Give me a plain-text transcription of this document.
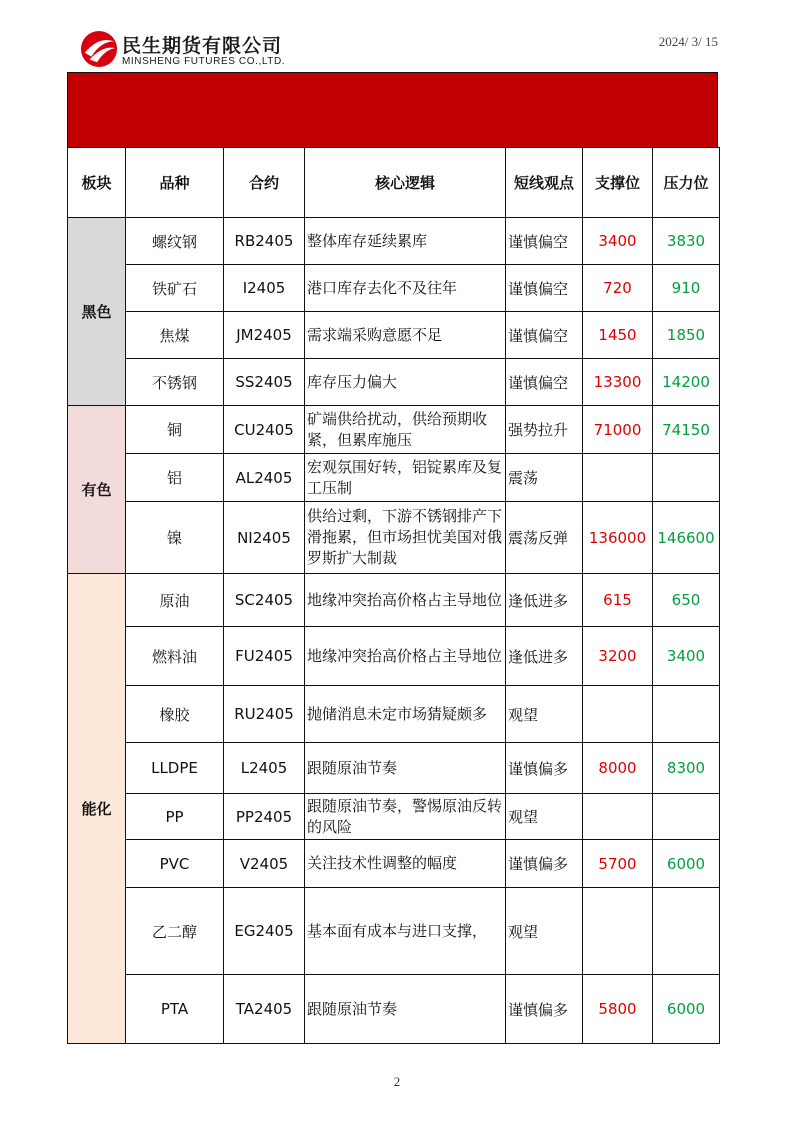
民生期货有限公司
MINSHENG FUTURES CO.,LTD.
2024/ 3/ 15
板块	品种	合约	核心逻辑	短线观点	支撑位	压力位
黑色	螺纹钢	RB2405	整体库存延续累库	谨慎偏空	3400	3830
	铁矿石	I2405	港口库存去化不及往年	谨慎偏空	720	910
	焦煤	JM2405	需求端采购意愿不足	谨慎偏空	1450	1850
	不锈钢	SS2405	库存压力偏大	谨慎偏空	13300	14200
有色	铜	CU2405	矿端供给扰动，供给预期收紧，但累库施压	强势拉升	71000	74150
	铝	AL2405	宏观氛围好转，铝锭累库及复工压制	震荡		
	镍	NI2405	供给过剩，下游不锈钢排产下滑拖累，但市场担忧美国对俄罗斯扩大制裁	震荡反弹	136000	146600
能化	原油	SC2405	地缘冲突抬高价格占主导地位	逢低进多	615	650
	燃料油	FU2405	地缘冲突抬高价格占主导地位	逢低进多	3200	3400
	橡胶	RU2405	抛储消息未定市场猜疑颇多	观望		
	LLDPE	L2405	跟随原油节奏	谨慎偏多	8000	8300
	PP	PP2405	跟随原油节奏，警惕原油反转的风险	观望		
	PVC	V2405	关注技术性调整的幅度	谨慎偏多	5700	6000
	乙二醇	EG2405	基本面有成本与进口支撑，	观望		
	PTA	TA2405	跟随原油节奏	谨慎偏多	5800	6000
2
